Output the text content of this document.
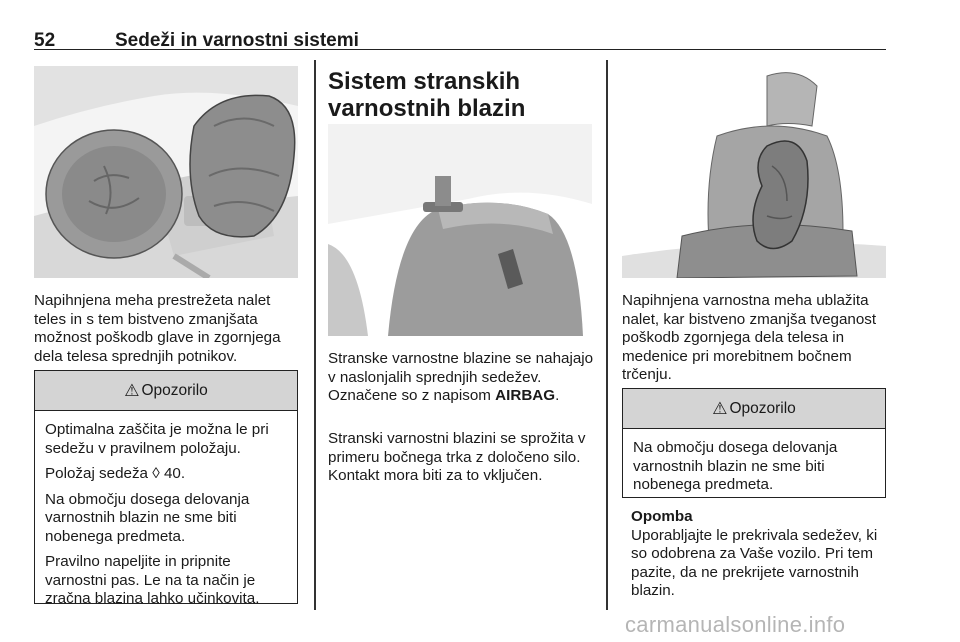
52	Sedeži in varnostni sistemi
Napihnjena meha prestrežeta nalet teles in s tem bistveno zmanjšata možnost poškodb glave in zgornjega dela telesa sprednjih potnikov.
⚠ Opozorilo

Optimalna zaščita je možna le pri sedežu v pravilnem položaju.

Položaj sedeža ◊ 40.

Na območju dosega delovanja varnostnih blazin ne sme biti nobenega predmeta.

Pravilno napeljite in pripnite varnostni pas. Le na ta način je zračna blazina lahko učinkovita.

Sistem stranskih varnostnih blazin
Stranske varnostne blazine se nahajajo v naslonjalih sprednjih sedežev. Označene so z napisom AIRBAG.
Stranski varnostni blazini se sprožita v primeru bočnega trka z določeno silo. Kontakt mora biti za to vključen.
Napihnjena varnostna meha ublažita nalet, kar bistveno zmanjša tveganost poškodb zgornjega dela telesa in medenice pri morebitnem bočnem trčenju.
⚠ Opozorilo

Na območju dosega delovanja varnostnih blazin ne sme biti nobenega predmeta.

Opomba
Uporabljajte le prekrivala sedežev, ki so odobrena za Vaše vozilo. Pri tem pazite, da ne prekrijete varnostnih blazin.
carmanualsonline.info
